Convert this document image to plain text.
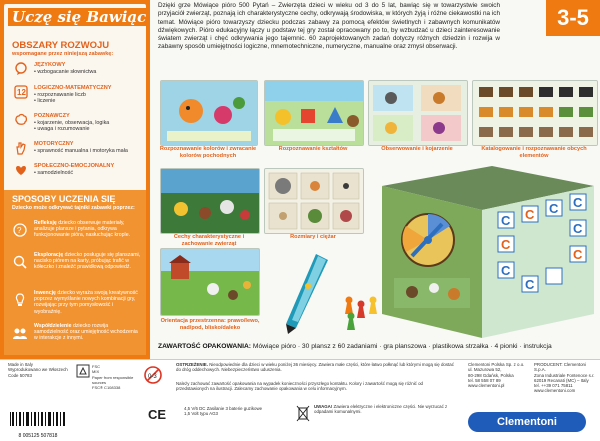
Uczę się Bawiąc
OBSZARY ROZWOJU
wspomagane przez niniejszą zabawkę:
JĘZYKOWY
• wzbogacanie słownictwa
12 LOGICZNO-MATEMATYCZNY
• rozpoznawanie liczb
• liczenie
POZNAWCZY
• kojarzenie, obserwacja, logika
• uwaga i rozumowanie
MOTORYCZNY
• sprawność manualna i motoryka mała
SPOŁECZNO-EMOCJONALNY
• samodzielność
SPOSOBY UCZENIA SIĘ
Dziecko może odkrywać tajniki zabawki poprzez:
?
Refleksję dziecko obserwuje materiały, analizuje plansze i pytania, odkrywa funkcjonowanie pióra, nasłuchując krople.
Eksplorację dziecko posługuje się planszami, nacisko piórem na karty, próbując trafić w kółeczko i znaleźć prawidłową odpowiedź.
Inwencję dziecko wyraża swoją kreatywność poprzez wymyślanie nowych kombinacji gry, rozwijając przy tym pomysłowość i wyobraźnię.
Współdzielenie dziecko rozwija samodzielność oraz umiejętność wchodzenia w interakcje z innymi.
Dzięki grze Mówiące pióro 500 Pytań – Zwierzęta dzieci w wieku od 3 do 5 lat, bawiąc się w towarzystwie swoich przyjaciół zwierząt, poznają ich charakterystyczne cechy, odkrywają środowiska, w których żyją i różne ciekawostki na ich temat. Mówiące pióro towarzyszy dziecku podczas zabawy za pomocą efektów świetlnych i zabawnych komunikatów dźwiękowych. Pióro edukacyjny łączy u podstaw tej gry został opracowany po to, by wzbudzać u dzieci zainteresowanie światem zwierząt i chęć odkrywania jego tajemnic. 60 zaprojektowanych zadań dotyczy różnych dziedzin i rozwija w zabawny sposób umiejętności logiczne, mnemotechniczne, numeryczne, manualne oraz zmysł obserwacji.
3-5
Rozpoznawanie kolorów i zwracanie kolorów pochodnych
Rozpoznawanie kształtów	Obserwowanie i kojarzenie	Katalogowanie i rozpoznawanie obcych elementów
Cechy charakterystyczne i zachowanie zwierząt
Rozmiary i ciężar
Orientacja przestrzenna: prawo/lewo, nad/pod, blisko/daleko
C C C C
C
C
C
C
C
ZAWARTOŚĆ OPAKOWANIA: Mówiące pióro · 30 plansz z 60 zadaniami · gra planszowa · plastikowa strzałka · 4 pionki · instrukcja
Made in Italy
Wyprodukowano we Włoszech
Code 50783
FSC
MIX
Paper from responsible sources
FSC® C108338
0-3
OSTRZEŻENIE. Nieodpowiednie dla dzieci w wieku poniżej 36 miesięcy. Zawiera małe części, które łatwo połknąć lub którymi mogą się dostać do dróg oddechowych. Niebezpieczeństwo uduszenia.
Należy zachować zawartość opakowania na wypadek konieczności przyszłego kontaktu. Kolory i zawartość mogą się różnić od przedstawionych na ilustracji. Zalecamy zachowanie opakowania w celu informacyjnym.
CE	4,5 V/6 DC Zasilanie 3 baterie guzikowe
1,5 Volt typu AG3
UWAGA! Zawiera elektryczne i elektroniczne części. Nie wyrzucać z odpadami komunalnymi.
Clementoni Polska Sp. z o.o.
ul. Mazurowa 52,
80-298 Gdańsk, Polska
tel. 58 558 07 89
www.clementoni.pl
PRODUCENT: Clementoni S.p.A.
Zona Industriale Fontenoce s.r.
62019 Recanati (MC) – Italy
tel. ++39 071 75811
www.clementoni.com
8 005125 507818
Clementoni
